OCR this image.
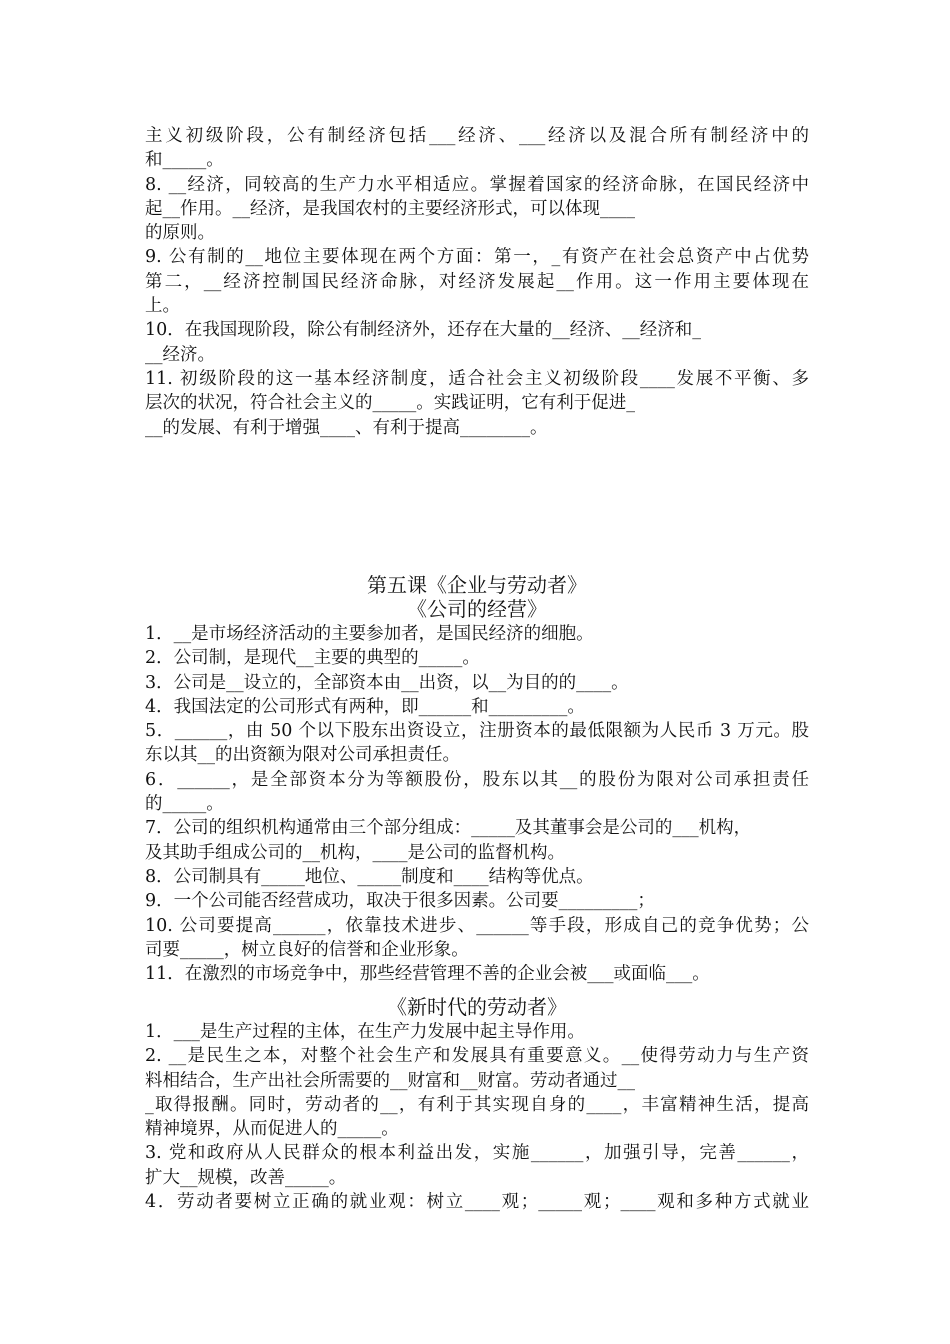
主义初级阶段，公有制经济包括___经济、___经济以及混合所有制经济中的
和_____。
8. __经济，同较高的生产力水平相适应。掌握着国家的经济命脉，在国民经济中
起__作用。__经济，是我国农村的主要经济形式，可以体现____
的原则。
9. 公有制的__地位主要体现在两个方面：第一，_有资产在社会总资产中占优势
第二，__经济控制国民经济命脉，对经济发展起__作用。这一作用主要体现在
上。
10．在我国现阶段，除公有制经济外，还存在大量的__经济、__经济和_
__经济。
11. 初级阶段的这一基本经济制度，适合社会主义初级阶段____发展不平衡、多
层次的状况，符合社会主义的_____。实践证明，它有利于促进_
__的发展、有利于增强____、有利于提高________。
第五课《企业与劳动者》
《公司的经营》
1．__是市场经济活动的主要参加者，是国民经济的细胞。
2．公司制，是现代__主要的典型的_____。
3．公司是__设立的，全部资本由__出资，以__为目的的____。
4．我国法定的公司形式有两种，即______和_________。
5．______，由 50 个以下股东出资设立，注册资本的最低限额为人民币 3 万元。股
东以其__的出资额为限对公司承担责任。
6．______，是全部资本分为等额股份，股东以其__的股份为限对公司承担责任
的_____。
7．公司的组织机构通常由三个部分组成：_____及其董事会是公司的___机构，
及其助手组成公司的__机构，____是公司的监督机构。
8．公司制具有_____地位、_____制度和____结构等优点。
9．一个公司能否经营成功，取决于很多因素。公司要_________；
10. 公司要提高______，依靠技术进步、______等手段，形成自己的竞争优势；公
司要_____，树立良好的信誉和企业形象。
11．在激烈的市场竞争中，那些经营管理不善的企业会被___或面临___。
《新时代的劳动者》
1．___是生产过程的主体，在生产力发展中起主导作用。
2. __是民生之本，对整个社会生产和发展具有重要意义。__使得劳动力与生产资
料相结合，生产出社会所需要的__财富和__财富。劳动者通过__
_取得报酬。同时，劳动者的__，有利于其实现自身的____，丰富精神生活，提高
精神境界，从而促进人的_____。
3. 党和政府从人民群众的根本利益出发，实施______，加强引导，完善______，
扩大__规模，改善_____。
4．劳动者要树立正确的就业观：树立____观；_____观；____观和多种方式就业
